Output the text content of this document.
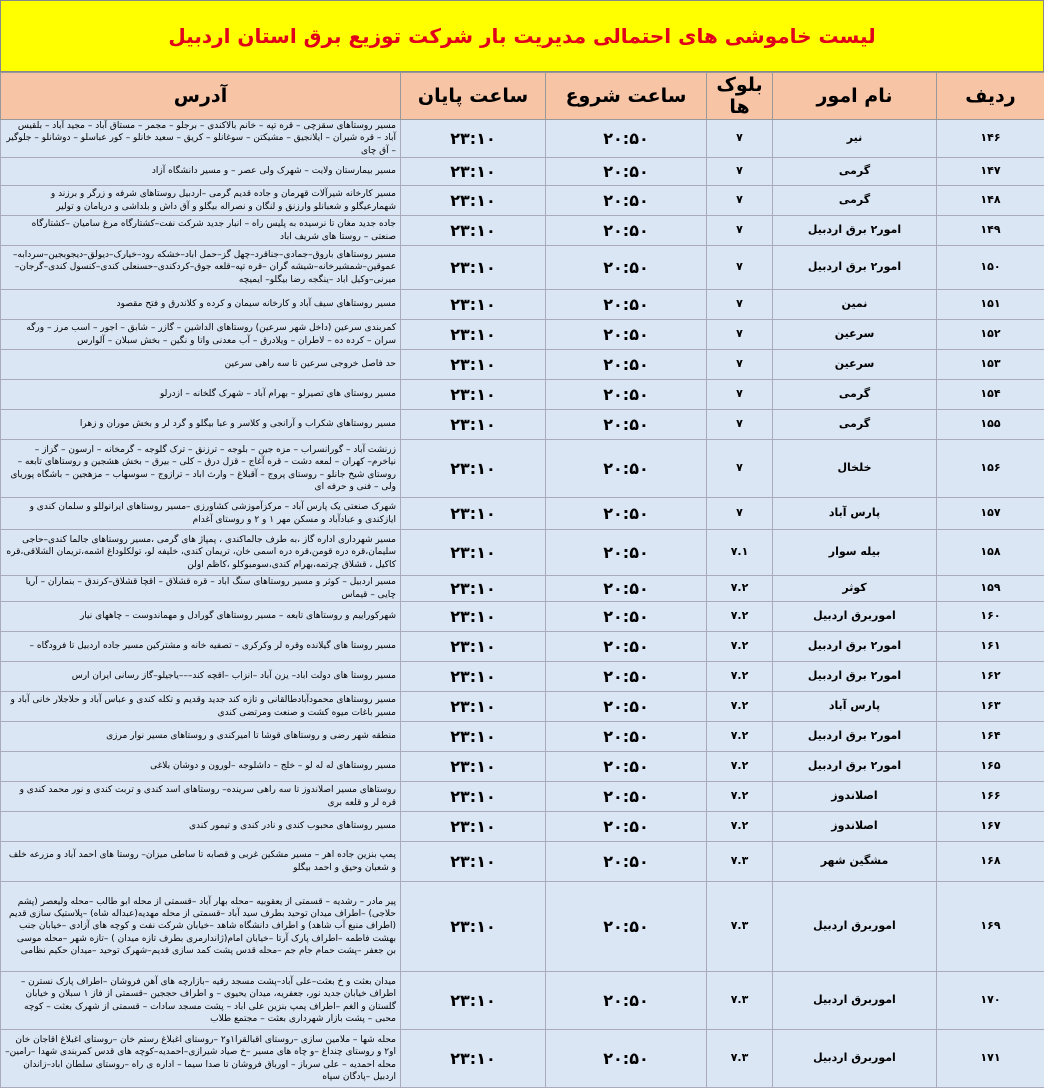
لیست خاموشی های احتمالی مدیریت بار شرکت توزیع برق استان اردبیل
ردیف	نام امور	بلوک ها	ساعت شروع	ساعت پایان	آدرس
۱۴۶	نیر	۷	۲۰:۵۰	۲۳:۱۰	مسیر روستاهای سقزچی – قره تپه – خانم بالاکندی – برجلو – مجمر – مستاق آباد – مجید آباد – بلقیس آباد – قره شیران – ایلانجیق – مشیکتن – سوغانلو – کریق – سعید خانلو – کور عباسلو – دوشانلو – جلوگیر – آق چای
۱۴۷	گرمی	۷	۲۰:۵۰	۲۳:۱۰	مسیر بیمارستان ولایت – شهرک ولی عصر – و مسیر دانشگاه آزاد
۱۴۸	گرمی	۷	۲۰:۵۰	۲۳:۱۰	مسیر کارخانه شیرآلات قهرمان و جاده قدیم گرمی –اردبیل روستاهای شرفه و زرگر و برزند و شهمارعیگلو و شعبانلو وارزنق و لنگان و نصراله بیگلو و آق داش و بلداشی و دریامان و تولیر
۱۴۹	امور۲ برق اردبیل	۷	۲۰:۵۰	۲۳:۱۰	جاده جدید مغان تا نرسیده به پلیس راه – انبار جدید شرکت نفت–کشتارگاه مرغ سامیان –کشتارگاه صنعتی – روستا های شریف اباد
۱۵۰	امور۲ برق اردبیل	۷	۲۰:۵۰	۲۳:۱۰	مسیر روستاهای باروق–جمادی–جناقرد–چهل گز–حمل اباد–خشکه رود–خیارک–دیولق–دیجوبجین–سردابه–عموقین–شمشیرخانه–شیشه گران –قره تپه–قلعه جوق–کردکندی–حسنعلی کندی–کنسول کندی–گرجان–میرنی–وکیل اباد –ینگجه رضا بیگلو– ایمیچه
۱۵۱	نمین	۷	۲۰:۵۰	۲۳:۱۰	مسیر روستاهای سیف آباد و کارخانه سیمان و کرده و کلاندرق و فتح مقصود
۱۵۲	سرعین	۷	۲۰:۵۰	۲۳:۱۰	کمربندی سرعین (داخل شهر سرعین) روستاهای الداشین – گازر – شابق – اجور – اسب مرز – ورگه سران – کرده ده – لاطران – ویلادرق – آب معدنی واتا و نگین – بخش سبلان – آلوارس
۱۵۳	سرعین	۷	۲۰:۵۰	۲۳:۱۰	حد فاصل خروجی سرعین تا سه راهی سرعین
۱۵۴	گرمی	۷	۲۰:۵۰	۲۳:۱۰	مسیر روستای های تصیرلو – بهرام آباد – شهرک گلخانه – ازدرلو
۱۵۵	گرمی	۷	۲۰:۵۰	۲۳:۱۰	مسیر روستاهای شکراب و آرانجی و کلاسر و عبا بیگلو و گرد لر و بخش موران و زهرا
۱۵۶	خلخال	۷	۲۰:۵۰	۲۳:۱۰	زرنشت آباد – گورانسراب – مزه جین – بلوجه – ترزنق – ترک گلوجه – گرمخانه – ارسون – گزاز – نیاخرم– کهران – لمعه دشت – قره آغاج – قزل درق – کلی – بیرق – بخش هشجین و روستاهای تابعه – روستای شیخ جانلو – روستای پروج – آقبلاغ – وارث اباد – ترازوج – سوسهاب – مزهجین – باشگاه پوریای ولی – فنی و حرفه ای
۱۵۷	پارس آباد	۷	۲۰:۵۰	۲۳:۱۰	شهرک صنعتی یک پارس آباد – مرکزآموزشی کشاورزی –مسیر روستاهای ایرانوللو و سلمان کندی و ایازکندی و عبادآباد و مسکن مهر ۱ و ۲ و روستای آغدام
۱۵۸	بیله سوار	۷.۱	۲۰:۵۰	۲۳:۱۰	مسیر شهرداری اداره گاز ،به طرف جالماکندی ، پمپاژ های گرمی ،مسیر روستاهای جالما کندی–حاجی سلیمان،قره دره قومن،قره دره اسمی خان، تریمان کندی، خلیفه لو، تولکلوداغ اشمه،تریمان الشلاقی،قره کاکیل ، قشلاق چرتمه،بهرام کندی،سومبوکلو ،کاظم اولن
۱۵۹	کوثر	۷.۲	۲۰:۵۰	۲۳:۱۰	مسیر اردبیل – کوثر و مسیر روستاهای سنگ اباد – قره قشلاق – اقچا قشلاق–کرندق – بنماران – آریا چایی – قیماس
۱۶۰	اموربرق اردبیل	۷.۲	۲۰:۵۰	۲۳:۱۰	شهرکوراییم و روستاهای تابعه – مسیر روستاهای گورادل و مهماندوست – چاههای نیار
۱۶۱	امور۲ برق اردبیل	۷.۲	۲۰:۵۰	۲۳:۱۰	مسیر روستا های گیلانده وقره لر وکرکری – تصفیه خانه و مشترکین مسیر جاده اردبیل تا فرودگاه –
۱۶۲	امور۲ برق اردبیل	۷.۲	۲۰:۵۰	۲۳:۱۰	مسیر روستا های دولت اباد– یزن آباد –انزاب –اقچه کند–––یاجیلو–گاز رسانی ایران ارس
۱۶۳	پارس آباد	۷.۲	۲۰:۵۰	۲۳:۱۰	مسیر روستاهای محمودآبادطالقانی و تازه کند جدید وقدیم و تکله کندی و عباس آباد و حلاجلار خانی آباد و مسیر باغات میوه کشت و صنعت ومرتضی کندی
۱۶۴	امور۲ برق اردبیل	۷.۲	۲۰:۵۰	۲۳:۱۰	منطقه شهر رضی و روستاهای قوشا تا امیرکندی و روستاهای مسیر نوار مرزی
۱۶۵	امور۲ برق اردبیل	۷.۲	۲۰:۵۰	۲۳:۱۰	مسیر روستاهای له له لو – خلج – داشلوجه –لورون و دوشان بلاغی
۱۶۶	اصلاندوز	۷.۲	۲۰:۵۰	۲۳:۱۰	روستاهای مسیر اصلاندوز تا سه راهی سرینده– روستاهای اسد کندی و تربت کندی و نور محمد کندی و قره لر و قلعه بری
۱۶۷	اصلاندوز	۷.۲	۲۰:۵۰	۲۳:۱۰	مسیر روستاهای محبوب کندی و نادر کندی و تیمور کندی
۱۶۸	مشگین شهر	۷.۳	۲۰:۵۰	۲۳:۱۰	پمپ بنزین جاده اهر – مسیر مشکین غربی و قصابه تا ساطی میزان– روستا های احمد آباد و مزرعه خلف و شعبان وحیق و احمد بیگلو
۱۶۹	اموربرق اردبیل	۷.۳	۲۰:۵۰	۲۳:۱۰	پیر مادر – رشدیه – قسمتی از یعقوبیه –محله بهار آباد –قسمتی از محله ابو طالب –محله ولیعصر (پشم حلاجی) –اطراف میدان توحید بطرف سید آباد –قسمتی از محله مهدیه(عبداله شاه) –پلاستیک سازی قدیم (اطراف منبع آب شاهد) و اطراف دانشگاه شاهد –خیابان شرکت نفت و کوچه های آزادی –خیابان جنب بهشت فاطمه –اطراف پارک آرتا –خیابان امام(ژاندارمری بطرف تازه میدان ) –تازه شهر –محله موسی بن جعفر –پشت حمام جام جم –محله قدس پشت کمد سازی قدیم–شهرک توحید –میدان حکیم نظامی
۱۷۰	اموربرق اردبیل	۷.۳	۲۰:۵۰	۲۳:۱۰	میدان بعثت و خ بعثت–علی آباد–پشت مسجد رقیه –بازارچه های آهن فروشان –اطراف پارک نسترن –اطراف خیابان جدید نور، جعفریه، میدان یحیوی – و اطراف حججین –قسمتی از فاز ۱ سبلان و خیابان گلستان و الغم –اطراف پمپ بنزین علی اباد – پشت مسجد سادات – قسمتی از شهرک بعثت – کوچه محبی – پشت بازار شهرداری بعثت – مجتمع طلاب
۱۷۱	اموربرق اردبیل	۷.۳	۲۰:۵۰	۲۳:۱۰	محله شها – ملامین سازی –روستای اقبالقرا۱و۲ –روستای اغبلاغ رستم خان –روستای اغبلاغ اقاجان خان او۲ و روستای چنداغ –و چاه های مسیر –خ صیاد شیرازی–احمدیه–کوچه های قدس کمربندی شهدا –رامین– محله احمدیه – علی سرباز – اورباق فروشان تا صدا سیما – اداره ی راه –روستای سلطان اباد–زاندان اردبیل –پادگان سپاه
